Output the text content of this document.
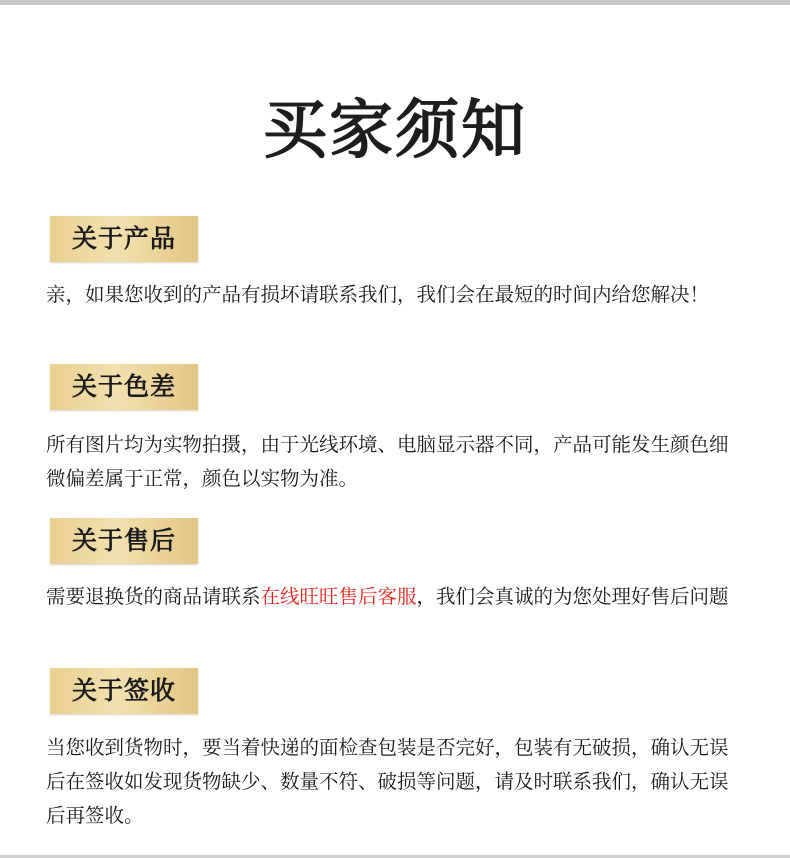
买家须知
关于产品
亲，如果您收到的产品有损坏请联系我们，我们会在最短的时间内给您解决！
关于色差
所有图片均为实物拍摄，由于光线环境、电脑显示器不同，产品可能发生颜色细微偏差属于正常，颜色以实物为准。
关于售后
需要退换货的商品请联系在线旺旺售后客服，我们会真诚的为您处理好售后问题
关于签收
当您收到货物时，要当着快递的面检查包装是否完好，包装有无破损，确认无误后在签收如发现货物缺少、数量不符、破损等问题，请及时联系我们，确认无误后再签收。
